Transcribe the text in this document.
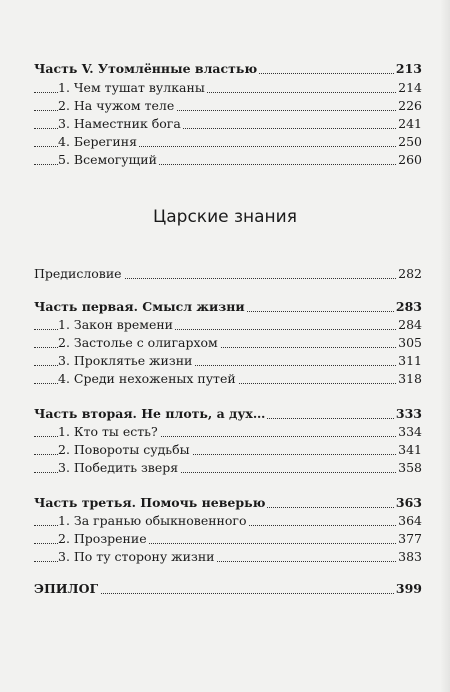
Часть V. Утомлённые властью	213
1. Чем тушат вулканы	214
2. На чужом теле	226
3. Наместник бога	241
4. Берегиня	250
5. Всемогущий	260
Царские знания
Предисловие	282
Часть первая. Смысл жизни	283
1. Закон времени	284
2. Застолье с олигархом	305
3. Проклятье жизни	311
4. Среди нехоженых путей	318
Часть вторая. Не плоть, а дух…	333
1. Кто ты есть?	334
2. Повороты судьбы	341
3. Победить зверя	358
Часть третья. Помочь неверью	363
1. За гранью обыкновенного	364
2. Прозрение	377
3. По ту сторону жизни	383
ЭПИЛОГ	399
